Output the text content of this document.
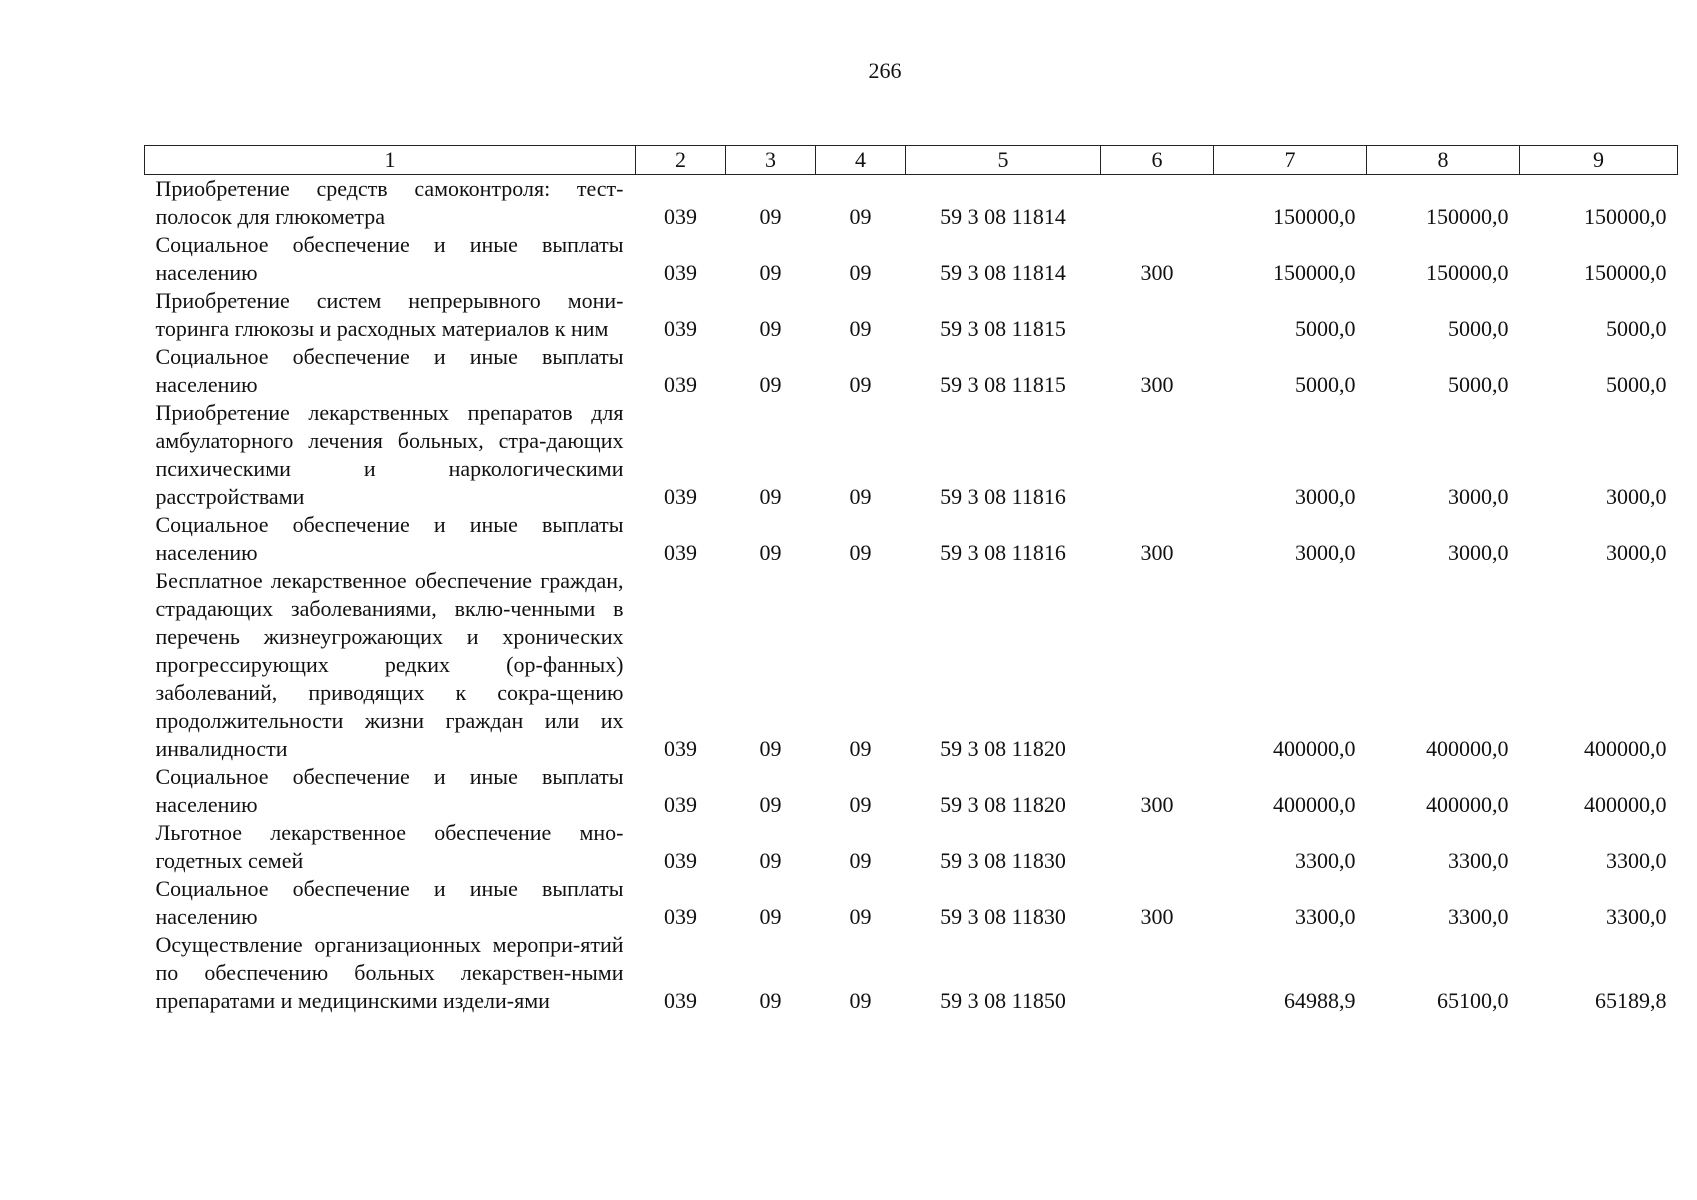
266
1	2	3	4	5	6	7	8	9
Приобретение средств самоконтроля: тест-полосок для глюкометра	039	09	09	59 3 08 11814		150000,0	150000,0	150000,0
Социальное обеспечение и иные выплаты населению	039	09	09	59 3 08 11814	300	150000,0	150000,0	150000,0
Приобретение систем непрерывного мони-торинга глюкозы и расходных материалов к ним	039	09	09	59 3 08 11815		5000,0	5000,0	5000,0
Социальное обеспечение и иные выплаты населению	039	09	09	59 3 08 11815	300	5000,0	5000,0	5000,0
Приобретение лекарственных препаратов для амбулаторного лечения больных, стра-дающих психическими и наркологическими расстройствами	039	09	09	59 3 08 11816		3000,0	3000,0	3000,0
Социальное обеспечение и иные выплаты населению	039	09	09	59 3 08 11816	300	3000,0	3000,0	3000,0
Бесплатное лекарственное обеспечение граждан, страдающих заболеваниями, вклю-ченными в перечень жизнеугрожающих и хронических прогрессирующих редких (ор-фанных) заболеваний, приводящих к сокра-щению продолжительности жизни граждан или их инвалидности	039	09	09	59 3 08 11820		400000,0	400000,0	400000,0
Социальное обеспечение и иные выплаты населению	039	09	09	59 3 08 11820	300	400000,0	400000,0	400000,0
Льготное лекарственное обеспечение мно-годетных семей	039	09	09	59 3 08 11830		3300,0	3300,0	3300,0
Социальное обеспечение и иные выплаты населению	039	09	09	59 3 08 11830	300	3300,0	3300,0	3300,0
Осуществление организационных меропри-ятий по обеспечению больных лекарствен-ными препаратами и медицинскими издели-ями	039	09	09	59 3 08 11850		64988,9	65100,0	65189,8
